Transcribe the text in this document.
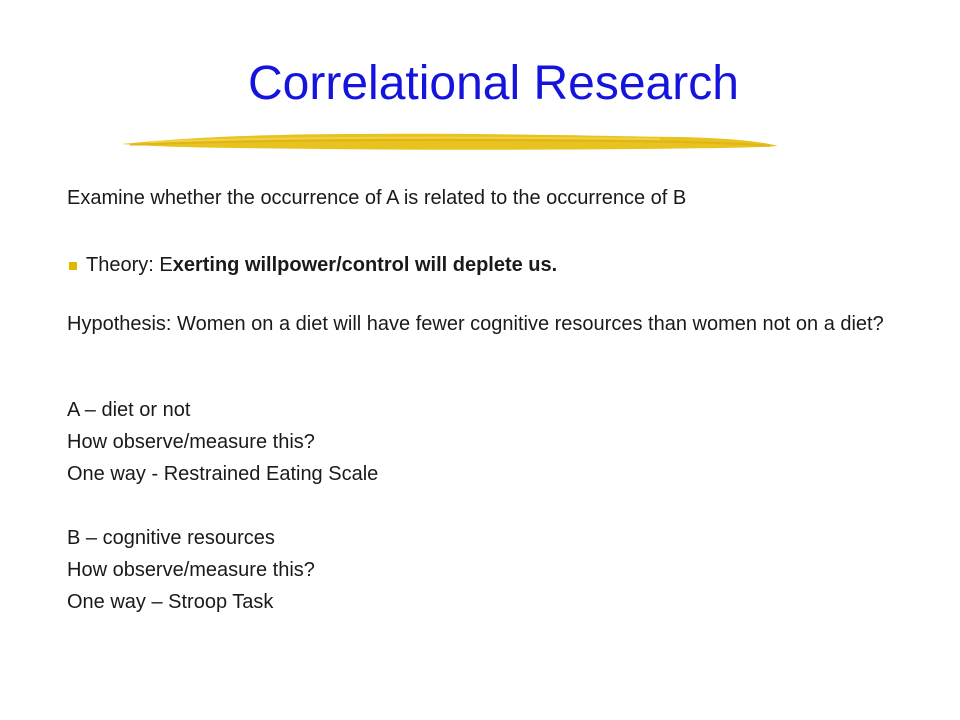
Correlational Research
Examine whether the occurrence of A is related to the occurrence of B
Theory: E xerting willpower/control will deplete us.
Hypothesis: Women on a diet will have fewer cognitive resources than women not on a diet?
A – diet or not
How observe/measure this?
One way - Restrained Eating Scale
B – cognitive resources
How observe/measure this?
One way – Stroop Task
